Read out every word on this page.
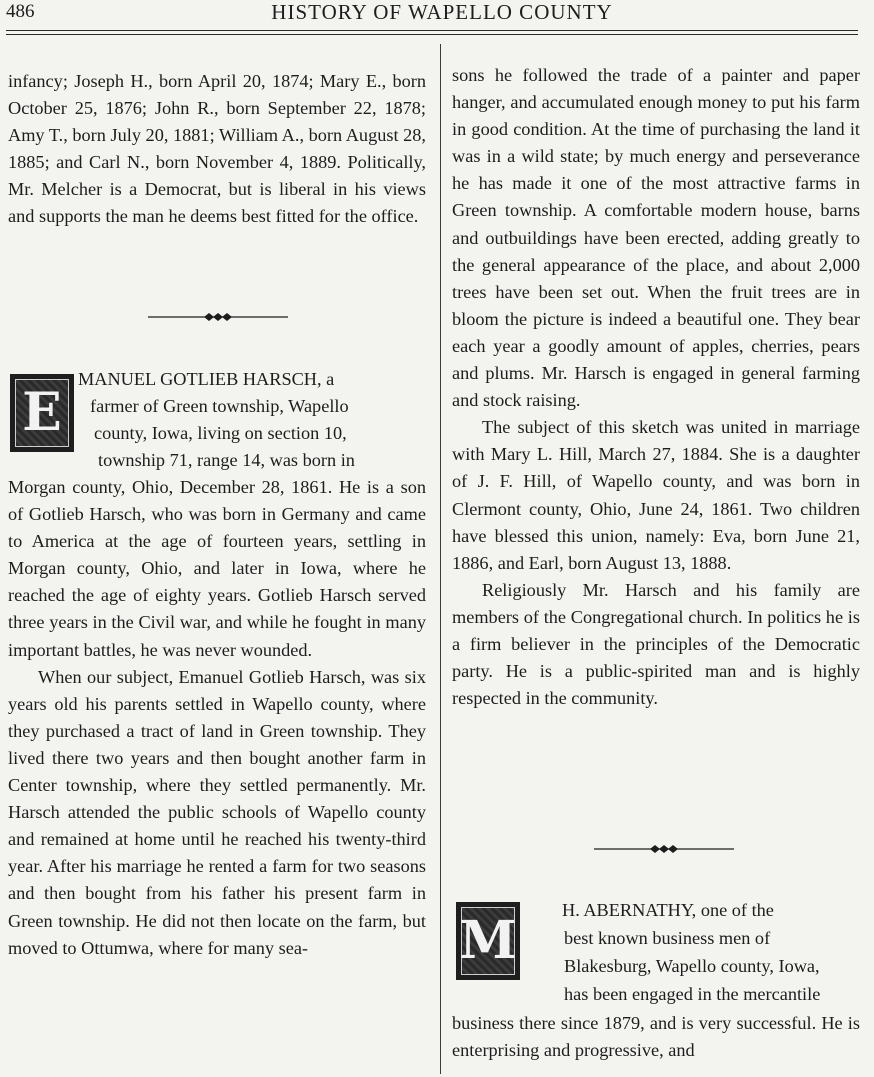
486	HISTORY OF WAPELLO COUNTY

infancy; Joseph H., born April 20, 1874; Mary E., born October 25, 1876; John R., born September 22, 1878; Amy T., born July 20, 1881; William A., born August 28, 1885; and Carl N., born November 4, 1889. Politically, Mr. Melcher is a Democrat, but is liberal in his views and supports the man he deems best fitted for the office.

E
MANUEL GOTLIEB HARSCH, a
farmer of Green township, Wapello
county, Iowa, living on section 10,
township 71, range 14, was born in

Morgan county, Ohio, December 28, 1861. He is a son of Gotlieb Harsch, who was born in Germany and came to America at the age of fourteen years, settling in Morgan county, Ohio, and later in Iowa, where he reached the age of eighty years. Gotlieb Harsch served three years in the Civil war, and while he fought in many important battles, he was never wounded.

When our subject, Emanuel Gotlieb Harsch, was six years old his parents settled in Wapello county, where they purchased a tract of land in Green township. They lived there two years and then bought another farm in Center township, where they settled permanently. Mr. Harsch attended the public schools of Wapello county and remained at home until he reached his twenty-third year. After his marriage he rented a farm for two seasons and then bought from his father his present farm in Green township. He did not then locate on the farm, but moved to Ottumwa, where for many sea-

sons he followed the trade of a painter and paper hanger, and accumulated enough money to put his farm in good condition. At the time of purchasing the land it was in a wild state; by much energy and perseverance he has made it one of the most attractive farms in Green township. A comfortable modern house, barns and outbuildings have been erected, adding greatly to the general appearance of the place, and about 2,000 trees have been set out. When the fruit trees are in bloom the picture is indeed a beautiful one. They bear each year a goodly amount of apples, cherries, pears and plums. Mr. Harsch is engaged in general farming and stock raising.

The subject of this sketch was united in marriage with Mary L. Hill, March 27, 1884. She is a daughter of J. F. Hill, of Wapello county, and was born in Clermont county, Ohio, June 24, 1861. Two children have blessed this union, namely: Eva, born June 21, 1886, and Earl, born August 13, 1888.

Religiously Mr. Harsch and his family are members of the Congregational church. In politics he is a firm believer in the principles of the Democratic party. He is a public-spirited man and is highly respected in the community.

M H. ABERNATHY, one of the
best known business men of
Blakesburg, Wapello county, Iowa,
has been engaged in the mercantile

business there since 1879, and is very successful. He is enterprising and progressive, and
